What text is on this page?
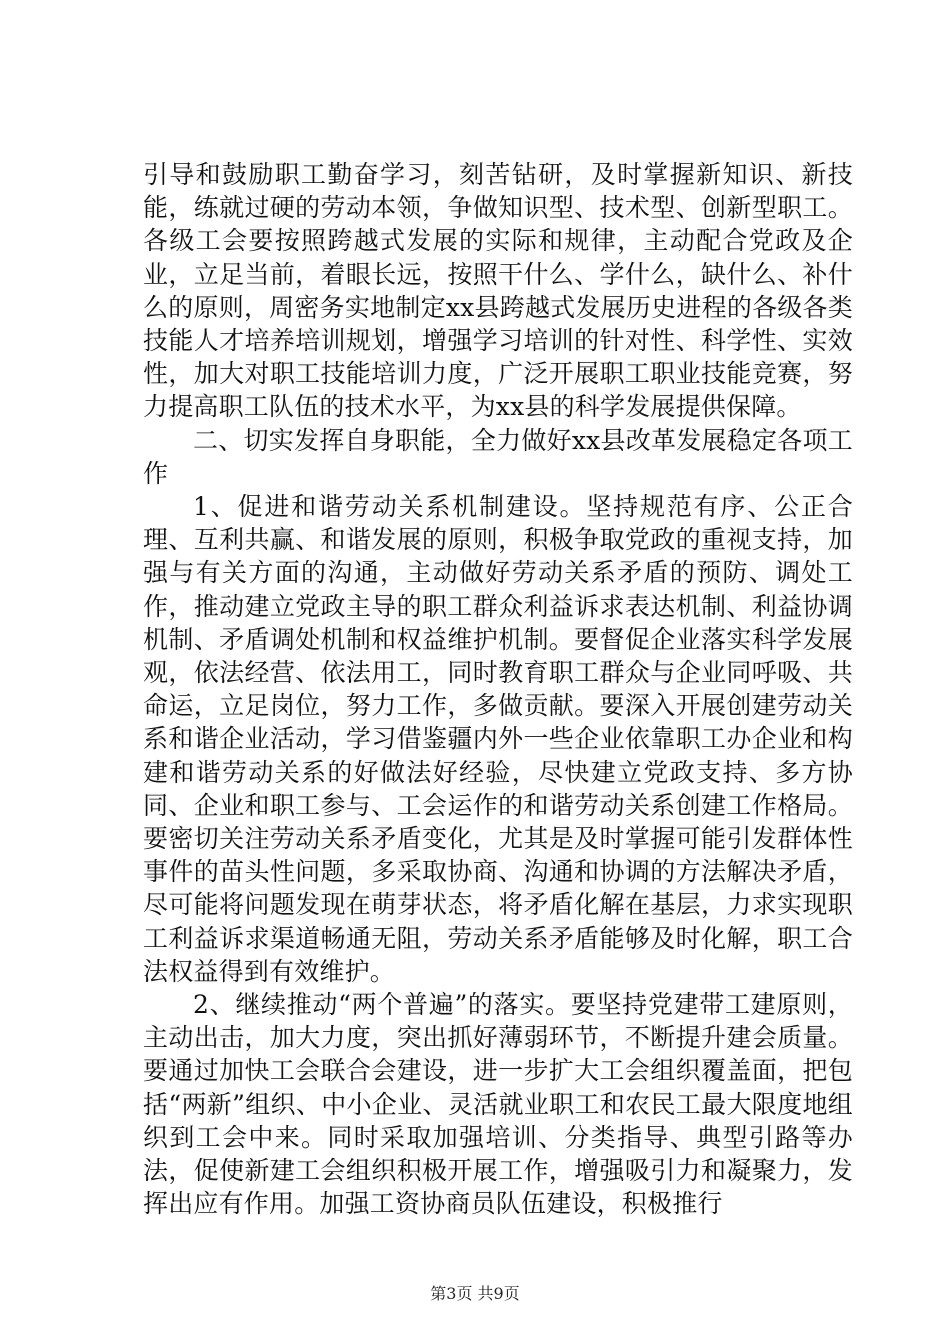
引导和鼓励职工勤奋学习，刻苦钻研，及时掌握新知识、新技能，练就过硬的劳动本领，争做知识型、技术型、创新型职工。各级工会要按照跨越式发展的实际和规律，主动配合党政及企业，立足当前，着眼长远，按照干什么、学什么，缺什么、补什么的原则，周密务实地制定xx县跨越式发展历史进程的各级各类技能人才培养培训规划，增强学习培训的针对性、科学性、实效性，加大对职工技能培训力度，广泛开展职工职业技能竞赛，努力提高职工队伍的技术水平，为xx县的科学发展提供保障。

二、切实发挥自身职能，全力做好xx县改革发展稳定各项工作

1、促进和谐劳动关系机制建设。坚持规范有序、公正合理、互利共赢、和谐发展的原则，积极争取党政的重视支持，加强与有关方面的沟通，主动做好劳动关系矛盾的预防、调处工作，推动建立党政主导的职工群众利益诉求表达机制、利益协调机制、矛盾调处机制和权益维护机制。要督促企业落实科学发展观，依法经营、依法用工，同时教育职工群众与企业同呼吸、共命运，立足岗位，努力工作，多做贡献。要深入开展创建劳动关系和谐企业活动，学习借鉴疆内外一些企业依靠职工办企业和构建和谐劳动关系的好做法好经验，尽快建立党政支持、多方协同、企业和职工参与、工会运作的和谐劳动关系创建工作格局。要密切关注劳动关系矛盾变化，尤其是及时掌握可能引发群体性事件的苗头性问题，多采取协商、沟通和协调的方法解决矛盾，尽可能将问题发现在萌芽状态，将矛盾化解在基层，力求实现职工利益诉求渠道畅通无阻，劳动关系矛盾能够及时化解，职工合法权益得到有效维护。

2、继续推动“两个普遍”的落实。要坚持党建带工建原则，主动出击，加大力度，突出抓好薄弱环节，不断提升建会质量。要通过加快工会联合会建设，进一步扩大工会组织覆盖面，把包括“两新”组织、中小企业、灵活就业职工和农民工最大限度地组织到工会中来。同时采取加强培训、分类指导、典型引路等办法，促使新建工会组织积极开展工作，增强吸引力和凝聚力，发挥出应有作用。加强工资协商员队伍建设，积极推行

第3页 共9页
